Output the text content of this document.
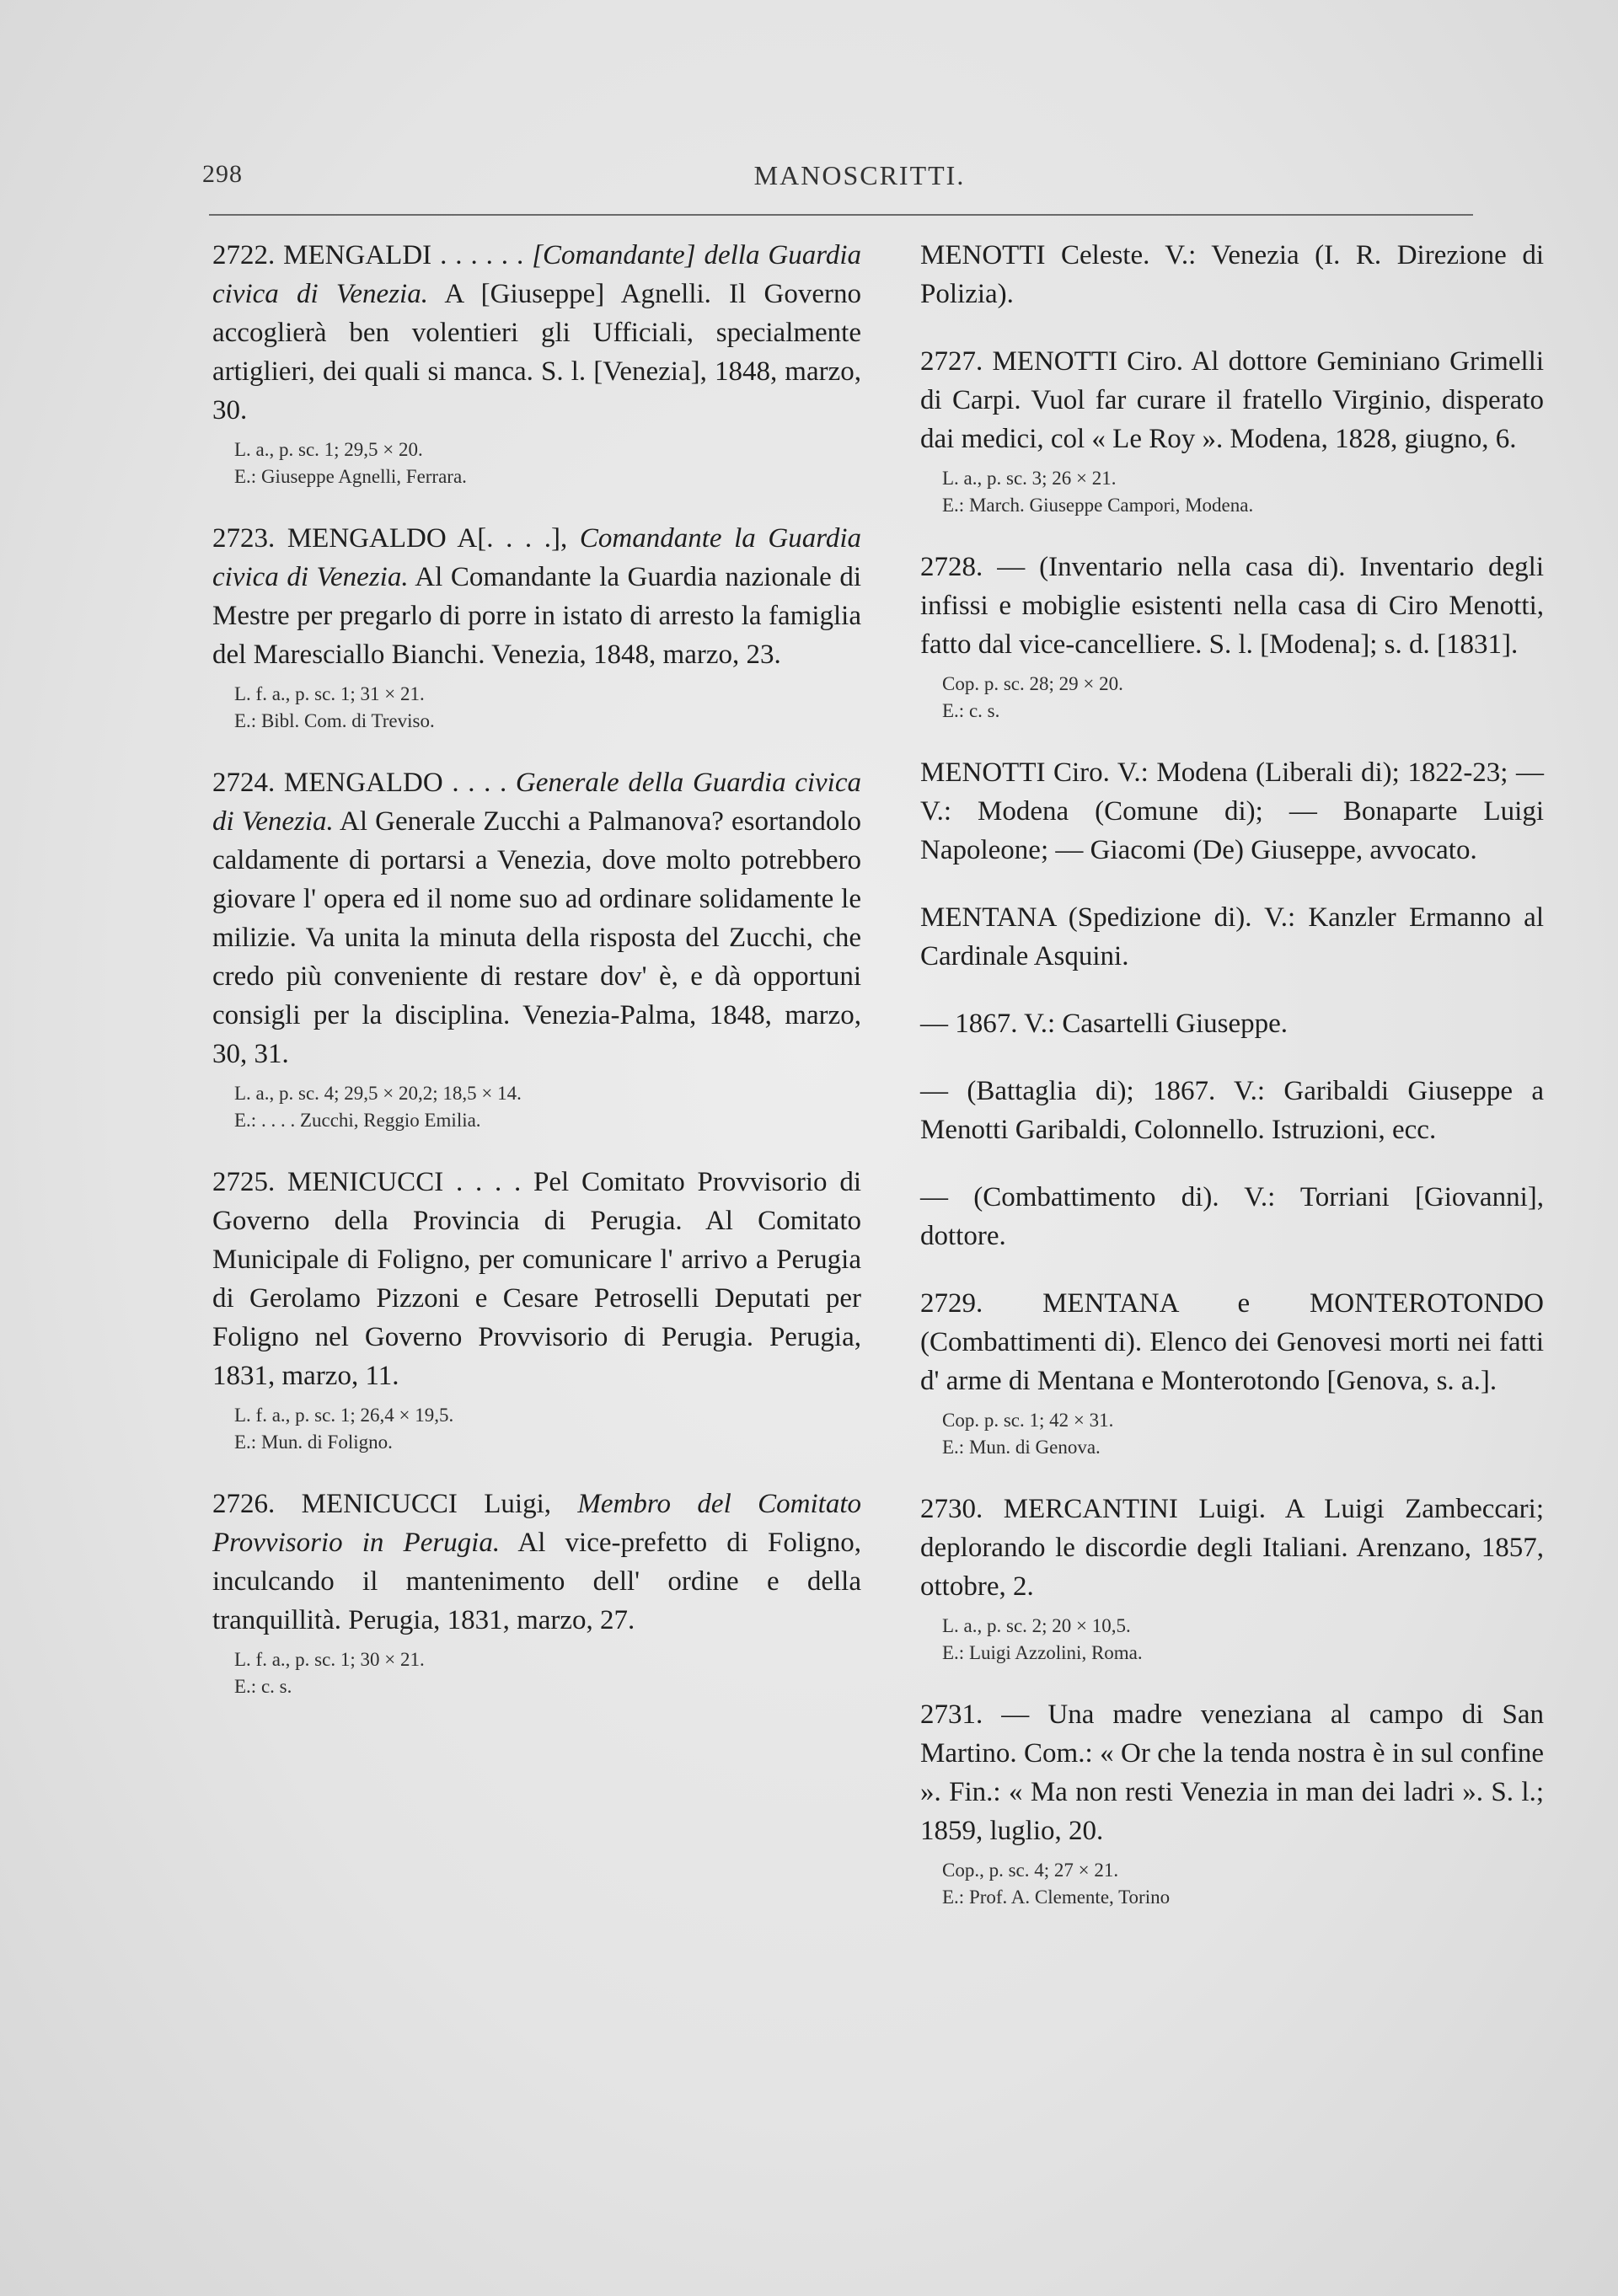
298	MANOSCRITTI.

2722. MENGALDI . . . . . . [Comandante] della Guardia civica di Venezia. A [Giuseppe] Agnelli. Il Governo accoglierà ben volentieri gli Ufficiali, specialmente artiglieri, dei quali si manca. S. l. [Venezia], 1848, marzo, 30.

L. a., p. sc. 1; 29,5 × 20.
E.: Giuseppe Agnelli, Ferrara.

2723. MENGALDO A[. . . .], Comandante la Guardia civica di Venezia. Al Comandante la Guardia nazionale di Mestre per pregarlo di porre in istato di arresto la famiglia del Maresciallo Bianchi. Venezia, 1848, marzo, 23.

L. f. a., p. sc. 1; 31 × 21.
E.: Bibl. Com. di Treviso.

2724. MENGALDO . . . . Generale della Guardia civica di Venezia. Al Generale Zucchi a Palmanova? esortandolo caldamente di portarsi a Venezia, dove molto potrebbero giovare l' opera ed il nome suo ad ordinare solidamente le milizie. Va unita la minuta della risposta del Zucchi, che credo più conveniente di restare dov' è, e dà opportuni consigli per la disciplina. Venezia-Palma, 1848, marzo, 30, 31.

L. a., p. sc. 4; 29,5 × 20,2; 18,5 × 14.
E.: . . . . Zucchi, Reggio Emilia.

2725. MENICUCCI . . . . Pel Comitato Provvisorio di Governo della Provincia di Perugia. Al Comitato Municipale di Foligno, per comunicare l' arrivo a Perugia di Gerolamo Pizzoni e Cesare Petroselli Deputati per Foligno nel Governo Provvisorio di Perugia. Perugia, 1831, marzo, 11.

L. f. a., p. sc. 1; 26,4 × 19,5.
E.: Mun. di Foligno.

2726. MENICUCCI Luigi, Membro del Comitato Provvisorio in Perugia. Al vice-prefetto di Foligno, inculcando il mantenimento dell' ordine e della tranquillità. Perugia, 1831, marzo, 27.

L. f. a., p. sc. 1; 30 × 21.
E.: c. s.

MENOTTI Celeste. V.: Venezia (I. R. Direzione di Polizia).

2727. MENOTTI Ciro. Al dottore Geminiano Grimelli di Carpi. Vuol far curare il fratello Virginio, disperato dai medici, col « Le Roy ». Modena, 1828, giugno, 6.

L. a., p. sc. 3; 26 × 21.
E.: March. Giuseppe Campori, Modena.

2728. — (Inventario nella casa di). Inventario degli infissi e mobiglie esistenti nella casa di Ciro Menotti, fatto dal vice-cancelliere. S. l. [Modena]; s. d. [1831].

Cop. p. sc. 28; 29 × 20.
E.: c. s.

MENOTTI Ciro. V.: Modena (Liberali di); 1822-23; — V.: Modena (Comune di); — Bonaparte Luigi Napoleone; — Giacomi (De) Giuseppe, avvocato.

MENTANA (Spedizione di). V.: Kanzler Ermanno al Cardinale Asquini.

— 1867. V.: Casartelli Giuseppe.

— (Battaglia di); 1867. V.: Garibaldi Giuseppe a Menotti Garibaldi, Colonnello. Istruzioni, ecc.

— (Combattimento di). V.: Torriani [Giovanni], dottore.

2729. MENTANA e MONTEROTONDO (Combattimenti di). Elenco dei Genovesi morti nei fatti d' arme di Mentana e Monterotondo [Genova, s. a.].

Cop. p. sc. 1; 42 × 31.
E.: Mun. di Genova.

2730. MERCANTINI Luigi. A Luigi Zambeccari; deplorando le discordie degli Italiani. Arenzano, 1857, ottobre, 2.

L. a., p. sc. 2; 20 × 10,5.
E.: Luigi Azzolini, Roma.

2731. — Una madre veneziana al campo di San Martino. Com.: « Or che la tenda nostra è in sul confine ». Fin.: « Ma non resti Venezia in man dei ladri ». S. l.; 1859, luglio, 20.

Cop., p. sc. 4; 27 × 21.
E.: Prof. A. Clemente, Torino
